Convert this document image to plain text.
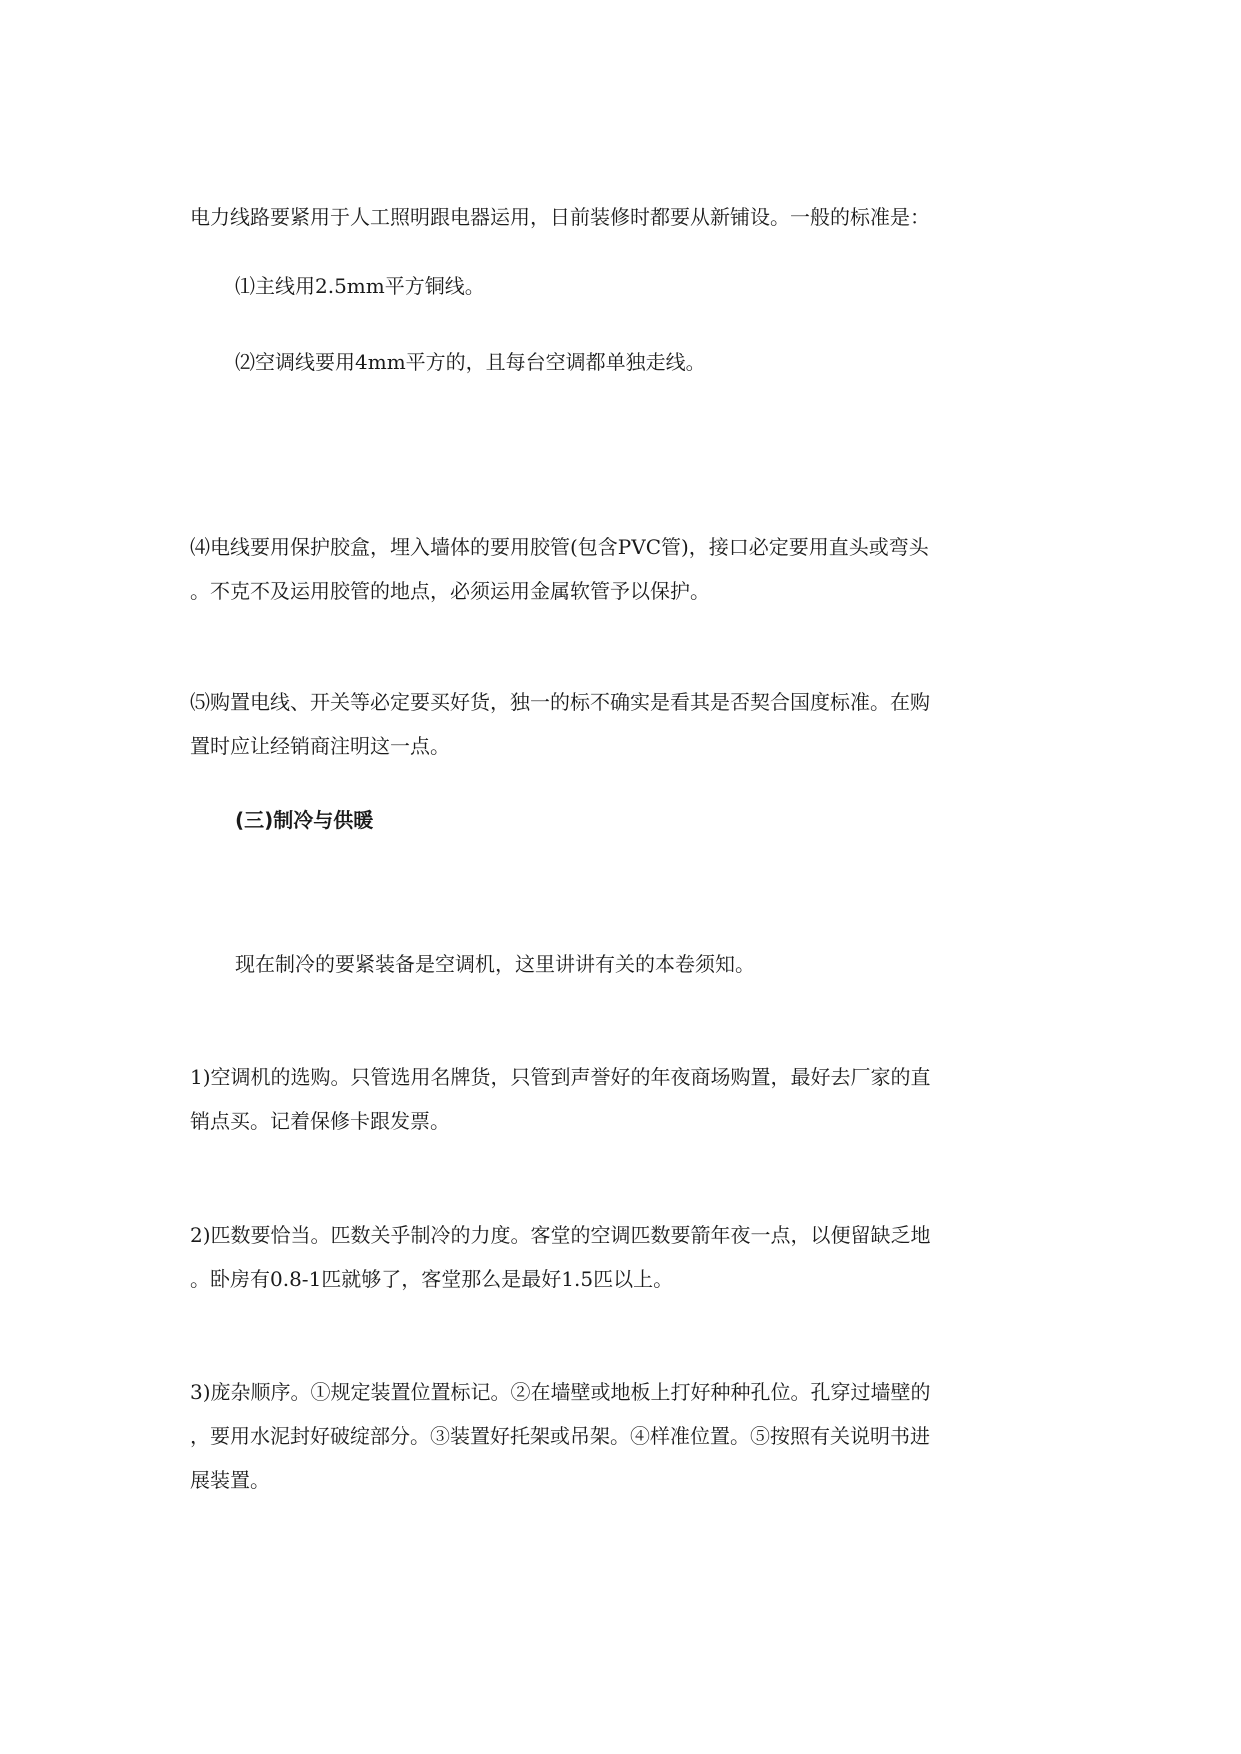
电力线路要紧用于人工照明跟电器运用，日前装修时都要从新铺设。一般的标准是：

⑴主线用2.5mm平方铜线。

⑵空调线要用4mm平方的，且每台空调都单独走线。

⑷电线要用保护胶盒，埋入墙体的要用胶管(包含PVC管)，接口必定要用直头或弯头
。不克不及运用胶管的地点，必须运用金属软管予以保护。

⑸购置电线、开关等必定要买好货，独一的标不确实是看其是否契合国度标准。在购
置时应让经销商注明这一点。

(三)制冷与供暖

现在制冷的要紧装备是空调机，这里讲讲有关的本卷须知。

1)空调机的选购。只管选用名牌货，只管到声誉好的年夜商场购置，最好去厂家的直
销点买。记着保修卡跟发票。

2)匹数要恰当。匹数关乎制冷的力度。客堂的空调匹数要箭年夜一点，以便留缺乏地
。卧房有0.8-1匹就够了，客堂那么是最好1.5匹以上。

3)庞杂顺序。①规定装置位置标记。②在墙壁或地板上打好种种孔位。孔穿过墙壁的
，要用水泥封好破绽部分。③装置好托架或吊架。④样准位置。⑤按照有关说明书进
展装置。
